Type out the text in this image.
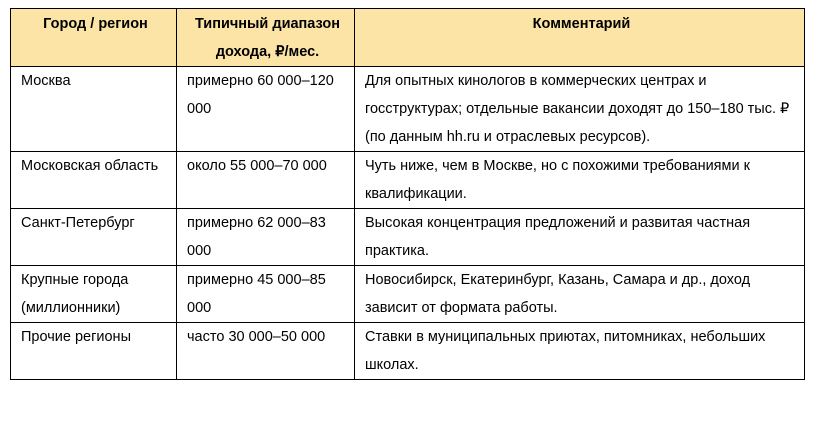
Город / регион	Типичный диапазон дохода, ₽/мес.	Комментарий
Москва	примерно 60 000–120 000	Для опытных кинологов в коммерческих центрах и госструктурах; отдельные вакансии доходят до 150–180 тыс. ₽ (по данным hh.ru и отраслевых ресурсов).
Московская область	около 55 000–70 000	Чуть ниже, чем в Москве, но с похожими требованиями к квалификации.
Санкт-Петербург	примерно 62 000–83 000	Высокая концентрация предложений и развитая частная практика.
Крупные города (миллионники)	примерно 45 000–85 000	Новосибирск, Екатеринбург, Казань, Самара и др., доход зависит от формата работы.
Прочие регионы	часто 30 000–50 000	Ставки в муниципальных приютах, питомниках, небольших школах.
